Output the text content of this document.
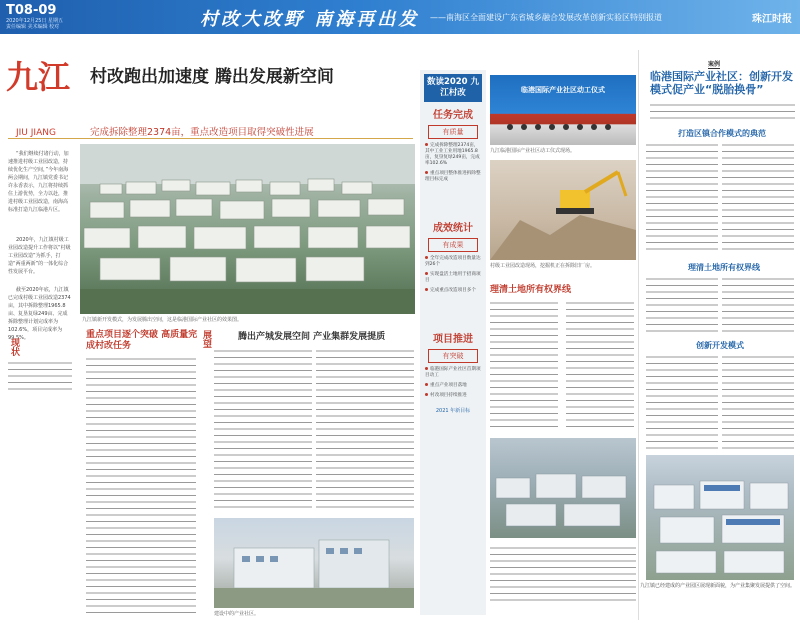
T08-09
2020年12月25日 星期五
责任编辑 美术编辑 校对	村改大改野 南海再出发 ——南海区全面建设广东省城乡融合发展改革创新实验区特别报道	珠江时报
九江
JIU JIANG
村改跑出加速度 腾出发展新空间
完成拆除整理2374亩，重点改造项目取得突破性进展
九江镇新开发模式，为发展腾出空间，这是临港国际产业社区的效果图。

“我们继续付诸行动，加速推进村级工业园改造，持续优化生产空间，”今年南海两会期间，九江镇党委书记许永香表示，九江将持续抓住上游优势，全力以赴，推进村级工业园改造，南海高标准打造九江临港片区。

2020年，九江镇村级工业园改造提升工作将以“村级工业园改造”为抓手，打造“两重两新”的一体化综合性发展平台。

截至2020年底，九江镇已完成村级工业园改造2374亩，其中拆除整理1965.8亩、复垦复绿249亩、完成拆除整理计划完成率为102.6%，项目完成率为99.5%。

现状
重点项目逐个突破 高质量完成村改任务	展望	腾出产城发展空间 产业集群发展提质
建设中的产业社区。
数读2020 九江村改
任务完成
有质量
完成拆除整理2374亩，其中工业工业用地1965.8亩，复垦复绿249亩，完成率102.6%
重点项目整体推进拆除整理目标完成
成效统计
有成果
全年完成改造项目数量达到26个
实现盘活土地用于招商项目
完成重点改造项目多个
项目推进
有突破
临港国际产业社区首期项目动工
重点产业项目落地
村改项目持续推进
2021 年新目标
临港国际产业社区动工仪式
九江临港国际产业社区动工仪式现场。
村级工业园改造现场，挖掘机正在拆除旧厂房。
理清土地所有权界线
案例
临港国际产业社区：创新开发模式促产业“脱胎换骨”
打造区镇合作模式的典范
理清土地所有权界线
创新开发模式
九江镇已经建成的产业园区展现新面貌，为产业集聚发展提供了空间。
